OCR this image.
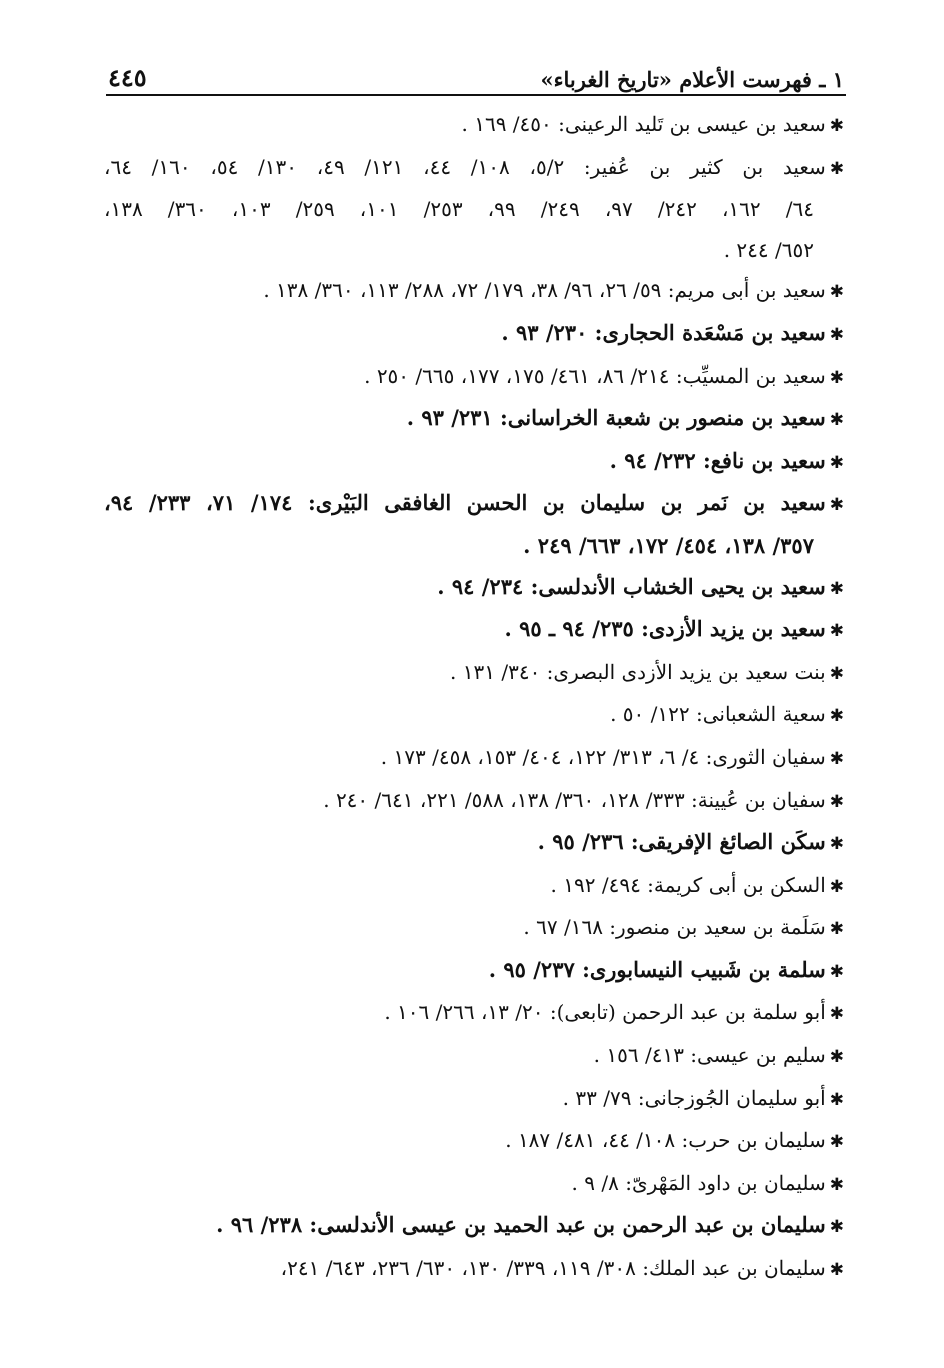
١ ـ فهرست الأعلام «تاريخ الغرباء»
٤٤٥
✱سعيد بن عيسى بن تَليد الرعينى: ٤٥٠/ ١٦٩ .
✱سعيد بن كثير بن عُفير: ٥/٢، ١٠٨/ ٤٤، ١٢١/ ٤٩، ١٣٠/ ٥٤، ١٦٠/ ٦٤،
٦٤/ ١٦٢، ٢٤٢/ ٩٧، ٢٤٩/ ٩٩، ٢٥٣/ ١٠١، ٢٥٩/ ١٠٣، ٣٦٠/ ١٣٨،
٦٥٢/ ٢٤٤ .
✱سعيد بن أبى مريم: ٥٩/ ٢٦، ٩٦/ ٣٨، ١٧٩/ ٧٢، ٢٨٨/ ١١٣، ٣٦٠/ ١٣٨ .
✱سعيد بن مَسْعَدة الحجارى: ٢٣٠/ ٩٣ .
✱سعيد بن المسيِّب: ٢١٤/ ٨٦، ٤٦١/ ١٧٥، ١٧٧، ٦٦٥/ ٢٥٠ .
✱سعيد بن منصور بن شعبة الخراسانى: ٢٣١/ ٩٣ .
✱سعيد بن نافع: ٢٣٢/ ٩٤ .
✱سعيد بن نَمر بن سليمان بن الحسن الغافقى البَيْرى: ١٧٤/ ٧١، ٢٣٣/ ٩٤،
٣٥٧/ ١٣٨، ٤٥٤/ ١٧٢، ٦٦٣/ ٢٤٩ .
✱سعيد بن يحيى الخشاب الأندلسى: ٢٣٤/ ٩٤ .
✱سعيد بن يزيد الأزدى: ٢٣٥/ ٩٤ ـ ٩٥ .
✱بنت سعيد بن يزيد الأزدى البصرى: ٣٤٠/ ١٣١ .
✱سعية الشعبانى: ١٢٢/ ٥٠ .
✱سفيان الثورى: ٤/ ٦، ٣١٣/ ١٢٢، ٤٠٤/ ١٥٣، ٤٥٨/ ١٧٣ .
✱سفيان بن عُيينة: ٣٣٣/ ١٢٨، ٣٦٠/ ١٣٨، ٥٨٨/ ٢٢١، ٦٤١/ ٢٤٠ .
✱سكَن الصائغ الإفريقى: ٢٣٦/ ٩٥ .
✱السكن بن أبى كريمة: ٤٩٤/ ١٩٢ .
✱سَلَمة بن سعيد بن منصور: ١٦٨/ ٦٧ .
✱سلمة بن شَبيب النيسابورى: ٢٣٧/ ٩٥ .
✱أبو سلمة بن عبد الرحمن (تابعى): ٢٠/ ١٣، ٢٦٦/ ١٠٦ .
✱سليم بن عيسى: ٤١٣/ ١٥٦ .
✱أبو سليمان الجُوزجانى: ٧٩/ ٣٣ .
✱سليمان بن حرب: ١٠٨/ ٤٤، ٤٨١/ ١٨٧ .
✱سليمان بن داود المَهْرىّ: ٨/ ٩ .
✱سليمان بن عبد الرحمن بن عبد الحميد بن عيسى الأندلسى: ٢٣٨/ ٩٦ .
✱سليمان بن عبد الملك: ٣٠٨/ ١١٩، ٣٣٩/ ١٣٠، ٦٣٠/ ٢٣٦، ٦٤٣/ ٢٤١،
